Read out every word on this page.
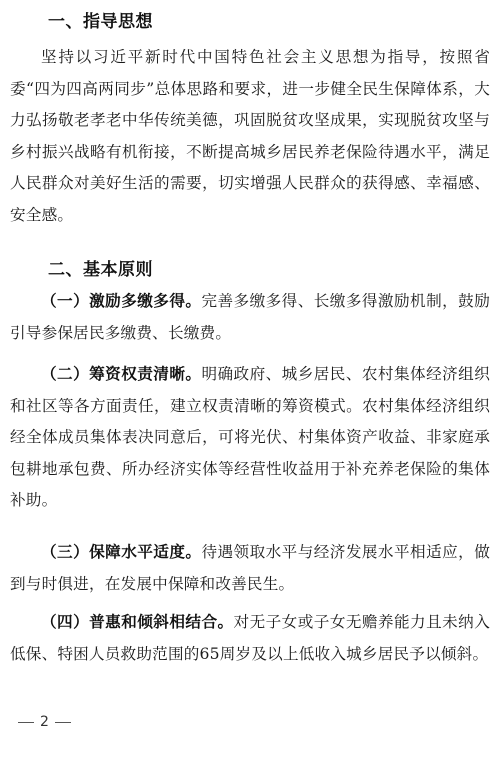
一、指导思想
坚持以习近平新时代中国特色社会主义思想为指导，按照省委“四为四高两同步”总体思路和要求，进一步健全民生保障体系，大力弘扬敬老孝老中华传统美德，巩固脱贫攻坚成果，实现脱贫攻坚与乡村振兴战略有机衔接，不断提高城乡居民养老保险待遇水平，满足人民群众对美好生活的需要，切实增强人民群众的获得感、幸福感、安全感。
二、基本原则
（一）激励多缴多得。完善多缴多得、长缴多得激励机制，鼓励引导参保居民多缴费、长缴费。
（二）筹资权责清晰。明确政府、城乡居民、农村集体经济组织和社区等各方面责任，建立权责清晰的筹资模式。农村集体经济组织经全体成员集体表决同意后，可将光伏、村集体资产收益、非家庭承包耕地承包费、所办经济实体等经营性收益用于补充养老保险的集体补助。
（三）保障水平适度。待遇领取水平与经济发展水平相适应，做到与时俱进，在发展中保障和改善民生。
（四）普惠和倾斜相结合。对无子女或子女无赡养能力且未纳入低保、特困人员救助范围的65周岁及以上低收入城乡居民予以倾斜。
2
